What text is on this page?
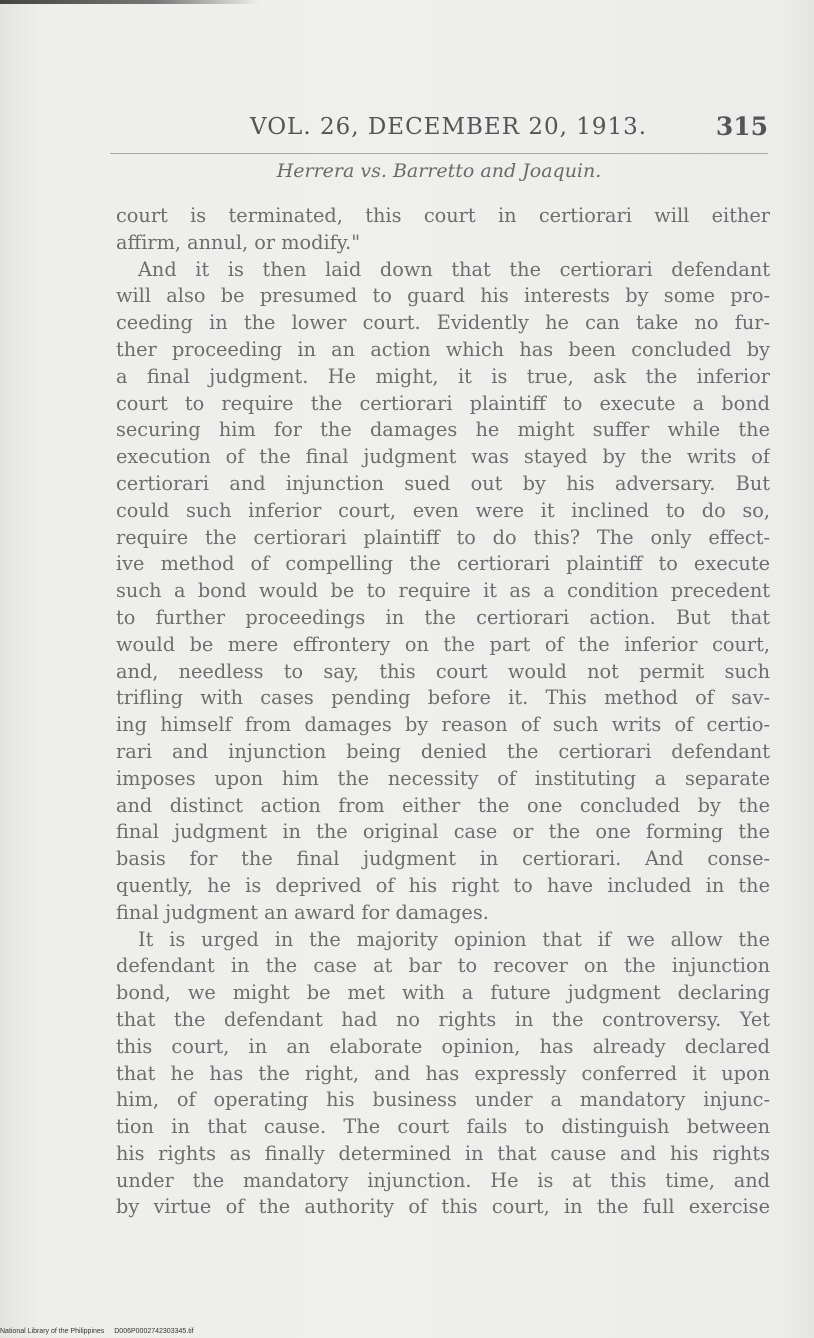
VOL. 26, DECEMBER 20, 1913.	315
Herrera vs. Barretto and Joaquin.
court is terminated, this court in certiorari will either
affirm, annul, or modify."
And it is then laid down that the certiorari defendant
will also be presumed to guard his interests by some pro-
ceeding in the lower court. Evidently he can take no fur-
ther proceeding in an action which has been concluded by
a final judgment. He might, it is true, ask the inferior
court to require the certiorari plaintiff to execute a bond
securing him for the damages he might suffer while the
execution of the final judgment was stayed by the writs of
certiorari and injunction sued out by his adversary. But
could such inferior court, even were it inclined to do so,
require the certiorari plaintiff to do this? The only effect-
ive method of compelling the certiorari plaintiff to execute
such a bond would be to require it as a condition precedent
to further proceedings in the certiorari action. But that
would be mere effrontery on the part of the inferior court,
and, needless to say, this court would not permit such
trifling with cases pending before it. This method of sav-
ing himself from damages by reason of such writs of certio-
rari and injunction being denied the certiorari defendant
imposes upon him the necessity of instituting a separate
and distinct action from either the one concluded by the
final judgment in the original case or the one forming the
basis for the final judgment in certiorari. And conse-
quently, he is deprived of his right to have included in the
final judgment an award for damages.
It is urged in the majority opinion that if we allow the
defendant in the case at bar to recover on the injunction
bond, we might be met with a future judgment declaring
that the defendant had no rights in the controversy. Yet
this court, in an elaborate opinion, has already declared
that he has the right, and has expressly conferred it upon
him, of operating his business under a mandatory injunc-
tion in that cause. The court fails to distinguish between
his rights as finally determined in that cause and his rights
under the mandatory injunction. He is at this time, and
by virtue of the authority of this court, in the full exercise
National Library of the Philippines D006P0002742303345.tif
